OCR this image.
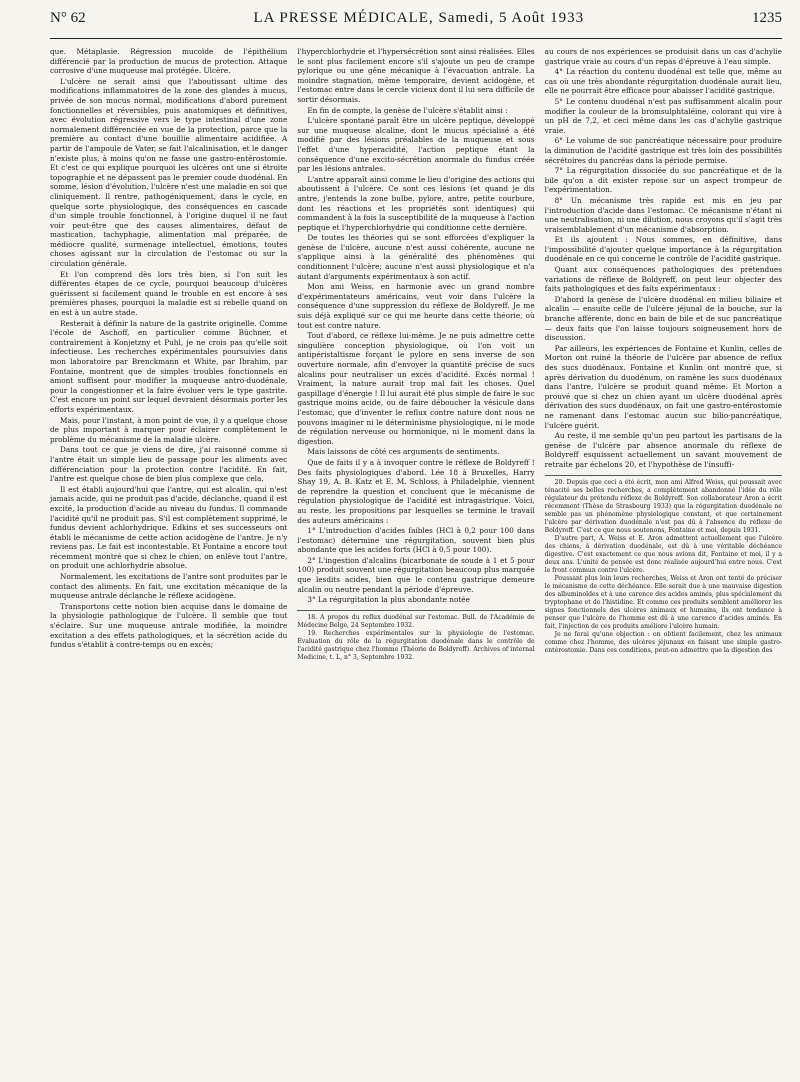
N° 62	LA PRESSE MÉDICALE, Samedi, 5 Août 1933	1235

que. Métaplasie. Régression mucoïde de l'épithélium différencié par la production de mucus de protection. Attaque corrosive d'une muqueuse mal protégée. Ulcère.

L'ulcère ne serait ainsi que l'aboutissant ultime des modifications inflammatoires de la zone des glandes à mucus, privée de son mucus normal, modifications d'abord purement fonctionnelles et réversibles, puis anatomiques et définitives, avec évolution régressive vers le type intestinal d'une zone normalement différenciée en vue de la protection, parce que la première au contact d'une bouillie alimentaire acidifiée. A partir de l'ampoule de Vater, se fait l'alcalinisation, et le danger n'existe plus, à moins qu'on ne fasse une gastro-entérostomie. Et c'est ce qui explique pourquoi les ulcères ont une si étroite topographie et ne dépassent pas le premier coude duodénal. En somme, lésion d'évolution, l'ulcère n'est une maladie en soi que cliniquement. Il rentre, pathogéniquement, dans le cycle, en quelque sorte physiologique, des conséquences en cascade d'un simple trouble fonctionnel, à l'origine duquel il ne faut voir peut-être que des causes alimentaires, défaut de mastication, tachyphagie, alimentation mal préparée, de médiocre qualité, surmenage intellectuel, émotions, toutes choses agissant sur la circulation de l'estomac ou sur la circulation générale.

Et l'on comprend dès lors très bien, si l'on suit les différentes étapes de ce cycle, pourquoi beaucoup d'ulcères guérissent si facilement quand le trouble en est encore à ses premières phases, pourquoi la maladie est si rebelle quand on en est à un autre stade.

Resterait à définir la nature de la gastrite originelle. Comme l'école de Aschoff, en particulier comme Büchner, et contrairement à Konjetzny et Puhl, je ne crois pas qu'elle soit infectieuse. Les recherches expérimentales poursuivies dans mon laboratoire par Brenckmann et White, par Ibrahim, par Fontaine, montrent que de simples troubles fonctionnels en amont suffisent pour modifier la muqueuse antro-duodénale, pour la congestionner et la faire évoluer vers le type gastrite. C'est encore un point sur lequel devraient désormais porter les efforts expérimentaux.

Mais, pour l'instant, à mon point de vue, il y a quelque chose de plus important à marquer pour éclairer complètement le problème du mécanisme de la maladie ulcère.

Dans tout ce que je viens de dire, j'ai raisonné comme si l'antre était un simple lieu de passage pour les aliments avec différenciation pour la protection contre l'acidité. En fait, l'antre est quelque chose de bien plus complexe que cela.

Il est établi aujourd'hui que l'antre, qui est alcalin, qui n'est jamais acide, qui ne produit pas d'acide, déclanche, quand il est excité, la production d'acide au niveau du fundus. Il commande l'acidité qu'il ne produit pas. S'il est complètement supprimé, le fundus devient achlorhydrique. Edkins et ses successeurs ont établi le mécanisme de cette action acidogène de l'antre. Je n'y reviens pas. Le fait est incontestable. Et Fontaine a encore tout récemment montré que si chez le chien, on enlève tout l'antre, on produit une achlorhydrie absolue.

Normalement, les excitations de l'antre sont produites par le contact des aliments. En fait, une excitation mécanique de la muqueuse antrale déclanche le réflexe acidogène.

Transportons cette notion bien acquise dans le domaine de la physiologie pathologique de l'ulcère. Il semble que tout s'éclaire. Sur une muqueuse antrale modifiée, la moindre excitation a des effets pathologiques, et la sécrétion acide du fundus s'établit à contre-temps ou en excès;

l'hyperchlorhydrie et l'hypersécrétion sont ainsi réalisées. Elles le sont plus facilement encore s'il s'ajoute un peu de crampe pylorique ou une gêne mécanique à l'évacuation antrale. La moindre stagnation, même temporaire, devient acidogène, et l'estomac entre dans le cercle vicieux dont il lui sera difficile de sortir désormais.

En fin de compte, la genèse de l'ulcère s'établit ainsi :

L'ulcère spontané paraît être un ulcère peptique, développé sur une muqueuse alcaline, dont le mucus spécialisé a été modifié par des lésions préalables de la muqueuse et sous l'effet d'une hyperacidité, l'action peptique étant la conséquence d'une excito-sécrétion anormale du fundus créée par les lésions antrales.

L'antre apparaît ainsi comme le lieu d'origine des actions qui aboutissent à l'ulcère. Ce sont ces lésions (et quand je dis antre, j'entends la zone bulbe, pylore, antre, petite courbure, dont les réactions et les propriétés sont identiques) qui commandent à la fois la susceptibilité de la muqueuse à l'action peptique et l'hyperchlorhydrie qui conditionne cette dernière.

De toutes les théories qui se sont efforcées d'expliquer la genèse de l'ulcère, aucune n'est aussi cohérente, aucune ne s'applique ainsi à la généralité des phénomènes qui conditionnent l'ulcère; aucune n'est aussi physiologique et n'a autant d'arguments expérimentaux à son actif.

Mon ami Weiss, en harmonie avec un grand nombre d'expérimentateurs américains, veut voir dans l'ulcère la conséquence d'une suppression du réflexe de Boldyreff. Je me suis déjà expliqué sur ce qui me heurte dans cette théorie, où tout est contre nature.

Tout d'abord, ce réflexe lui-même. Je ne puis admettre cette singulière conception physiologique, où l'on voit un antipéristaltisme forçant le pylore en sens inverse de son ouverture normale, afin d'envoyer la quantité précise de sucs alcalins pour neutraliser un excès d'acidité. Excès normal ! Vraiment, la nature aurait trop mal fait les choses. Quel gaspillage d'énergie ! Il lui aurait été plus simple de faire le suc gastrique moins acide, ou de faire déboucher la vésicule dans l'estomac, que d'inventer le reflux contre nature dont nous ne pouvons imaginer ni le déterminisme physiologique, ni le mode de régulation nerveuse ou hormonique, ni le moment dans la digestion.

Mais laissons de côté ces arguments de sentiments.

Que de faits il y a à invoquer contre le réflexe de Boldyreff ! Des faits physiologiques d'abord. Lée 18 à Bruxelles, Harry Shay 19, A. B. Katz et E. M. Schloss, à Philadelphie, viennent de reprendre la question et concluent que le mécanisme de régulation physiologique de l'acidité est intragastrique. Voici, au reste, les propositions par lesquelles se termine le travail des auteurs américains :

1° L'introduction d'acides faibles (HCl à 0,2 pour 100 dans l'estomac) détermine une régurgitation, souvent bien plus abondante que les acides forts (HCl à 0,5 pour 100).

2° L'ingestion d'alcalins (bicarbonate de soude à 1 et 5 pour 100) produit souvent une régurgitation beaucoup plus marquée que lesdits acides, bien que le contenu gastrique demeure alcalin ou neutre pendant la période d'épreuve.

3° La régurgitation la plus abondante notée

18. A propos du reflux duodénal sur l'estomac. Bull. de l'Académie de Médecine Belge, 24 Septembre 1932.

19. Recherches expérimentales sur la physiologie de l'estomac. Évaluation du rôle de la régurgitation duodénale dans le contrôle de l'acidité gastrique chez l'homme (Théorie de Boldyreff). Archives of internal Medicine, t. L, n° 3, Septembre 1932.

au cours de nos expériences se produisit dans un cas d'achylie gastrique vraie au cours d'un repas d'épreuve à l'eau simple.

4° La réaction du contenu duodénal est telle que, même au cas où une très abondante régurgitation duodénale aurait lieu, elle ne pourrait être efficace pour abaisser l'acidité gastrique.

5° Le contenu duodénal n'est pas suffisamment alcalin pour modifier la couleur de la bromsulphtaléine, colorant qui vire à un pH de 7,2, et ceci même dans les cas d'achylie gastrique vraie.

6° Le volume de suc pancréatique nécessaire pour produire la diminution de l'acidité gastrique est très loin des possibilités sécrétoires du pancréas dans la période permise.

7° La régurgitation dissociée du suc pancréatique et de la bile qu'on a dit exister repose sur un aspect trompeur de l'expérimentation.

8° Un mécanisme très rapide est mis en jeu par l'introduction d'acide dans l'estomac. Ce mécanisme n'étant ni une neutralisation, ni une dilution, nous croyons qu'il s'agit très vraisemblablement d'un mécanisme d'absorption.

Et ils ajoutent : Nous sommes, en définitive, dans l'impossibilité d'ajouter quelque importance à la régurgitation duodénale en ce qui concerne le contrôle de l'acidité gastrique.

Quant aux conséquences pathologiques des prétendues variations de réflexe de Boldyreff, on peut leur objecter des faits pathologiques et des faits expérimentaux :

D'abord la genèse de l'ulcère duodénal en milieu biliaire et alcalin — ensuite celle de l'ulcère jéjunal de la bouche, sur la branche afférente, donc en bain de bile et de suc pancréatique — deux faits que l'on laisse toujours soigneusement hors de discussion.

Par ailleurs, les expériences de Fontaine et Kunlin, celles de Morton ont ruiné la théorie de l'ulcère par absence de reflux des sucs duodénaux. Fontaine et Kunlin ont montré que, si après dérivation du duodénum, on ramène les sucs duodénaux dans l'antre, l'ulcère se produit quand même. Et Morton a prouvé que si chez un chien ayant un ulcère duodénal après dérivation des sucs duodénaux, on fait une gastro-entérostomie ne ramenant dans l'estomac aucun suc bilio-pancréatique, l'ulcère guérit.

Au reste, il me semble qu'un peu partout les partisans de la genèse de l'ulcère par absence anormale du réflexe de Boldyreff esquissent actuellement un savant mouvement de retraite par échelons 20, et l'hypothèse de l'insuffi-

20. Depuis que ceci a été écrit, mon ami Alfred Weiss, qui poussait avec ténacité ses belles recherches, a complètement abandonné l'idée du rôle régulateur du prétendu réflexe de Boldyreff. Son collaborateur Aron a écrit récemment (Thèse de Strasbourg 1933) que la régurgitation duodénale ne semble pas un phénomène physiologique constant, et que certainement l'ulcère par dérivation duodénale n'est pas dû à l'absence du réflexe de Boldyreff. C'est ce que nous soutenons, Fontaine et moi, depuis 1931.

D'autre part, A. Weiss et E. Aron admettent actuellement que l'ulcère des chiens, à dérivation duodénale, est dû à une véritable déchéance digestive. C'est exactement ce que nous avions dit, Fontaine et moi, il y a deux ans. L'unité de pensée est donc réalisée aujourd'hui entre nous. C'est le front commun contre l'ulcère.

Poussant plus loin leurs recherches, Weiss et Aron ont tenté de préciser le mécanisme de cette déchéance. Elle serait due à une mauvaise digestion des albuminoïdes et à une carence des acides aminés, plus spécialement du tryptophane et de l'histidine. Et comme ces produits semblent améliorer les signes fonctionnels des ulcères animaux et humains, ils ont tendance à penser que l'ulcère de l'homme est dû à une carence d'acides aminés. En fait, l'injection de ces produits améliore l'ulcère humain.

Je ne ferai qu'une objection : on obtient facilement, chez les animaux comme chez l'homme, des ulcères jéjunaux en faisant une simple gastro-entérostomie. Dans ces conditions, peut-on admettre que la digestion des
